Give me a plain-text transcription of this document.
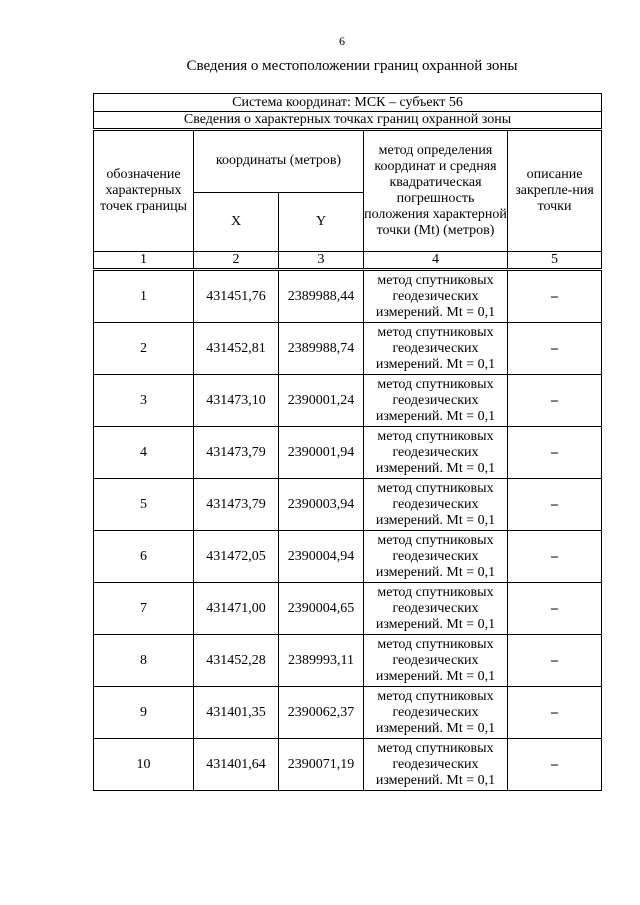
6
Сведения о местоположении границ охранной зоны
Система координат: МСК – субъект 56				
Сведения о характерных точках границ охранной зоны				
обозначение характерных точек границы	координаты (метров)		метод определения координат и средняя квадратическая погрешность положения характерной точки (Mt) (метров)	описание закрепле-ния точки
	X	Y		
1	2	3	4	5
1	431451,76	2389988,44	метод спутниковых геодезических измерений. Mt = 0,1	–
2	431452,81	2389988,74	метод спутниковых геодезических измерений. Mt = 0,1	–
3	431473,10	2390001,24	метод спутниковых геодезических измерений. Mt = 0,1	–
4	431473,79	2390001,94	метод спутниковых геодезических измерений. Mt = 0,1	–
5	431473,79	2390003,94	метод спутниковых геодезических измерений. Mt = 0,1	–
6	431472,05	2390004,94	метод спутниковых геодезических измерений. Mt = 0,1	–
7	431471,00	2390004,65	метод спутниковых геодезических измерений. Mt = 0,1	–
8	431452,28	2389993,11	метод спутниковых геодезических измерений. Mt = 0,1	–
9	431401,35	2390062,37	метод спутниковых геодезических измерений. Mt = 0,1	–
10	431401,64	2390071,19	метод спутниковых геодезических измерений. Mt = 0,1	–
